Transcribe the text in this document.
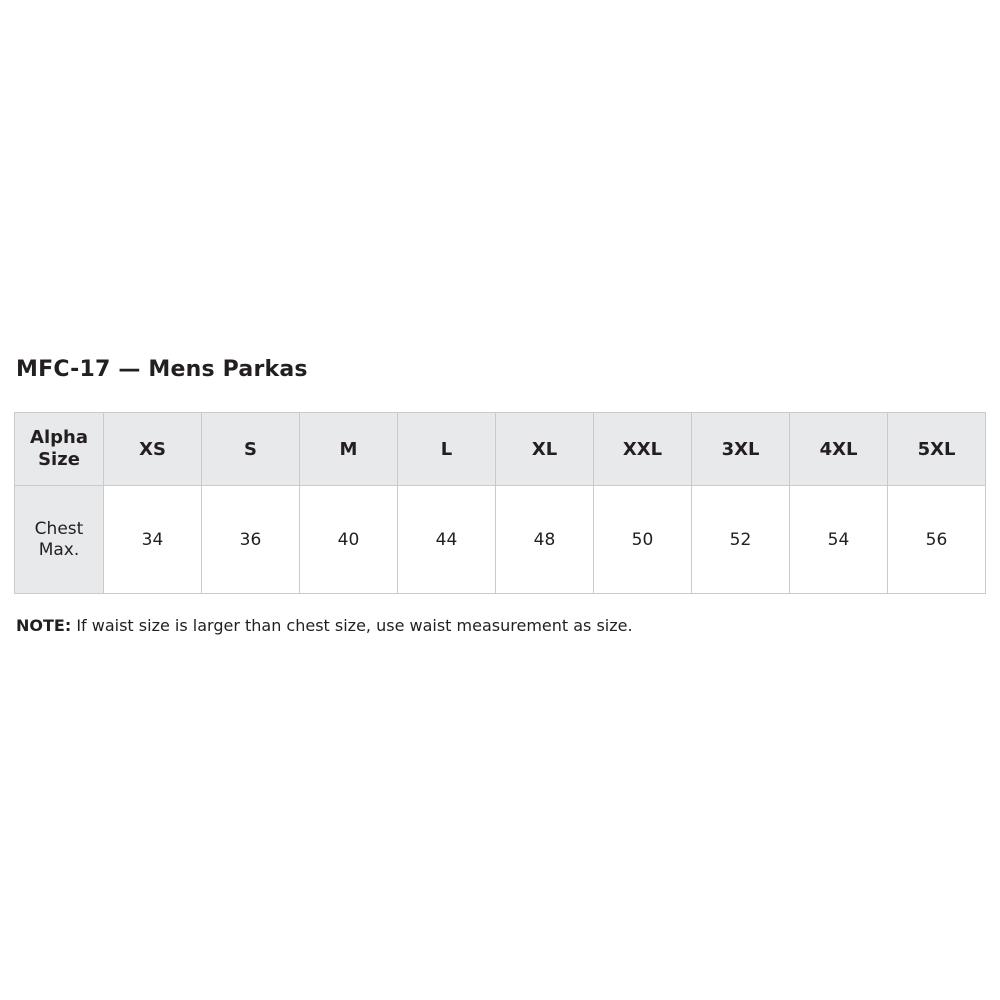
MFC-17 — Mens Parkas
Alpha
Size	XS	S	M	L	XL	XXL	3XL	4XL	5XL

Chest
Max.	34	36	40	44	48	50	52	54	56
NOTE: If waist size is larger than chest size, use waist measurement as size.
